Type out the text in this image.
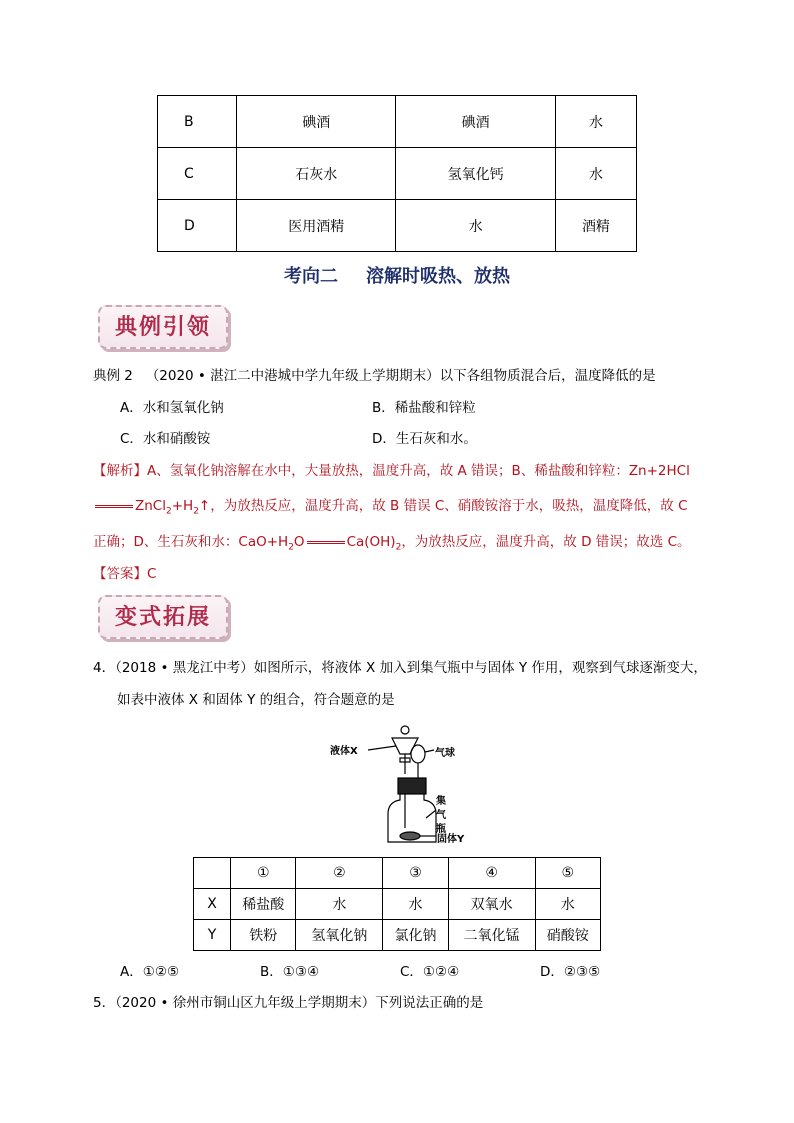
B	碘酒	碘酒	水
C	石灰水	氢氧化钙	水
D	医用酒精	水	酒精
考向二 溶解时吸热、放热
典例引领
典例 2 （2020 • 湛江二中港城中学九年级上学期期末）以下各组物质混合后，温度降低的是
A．水和氢氧化钠	B．稀盐酸和锌粒
C．水和硝酸铵	D．生石灰和水。
【解析】A、氢氧化钠溶解在水中，大量放热，温度升高，故 A 错误；B、稀盐酸和锌粒：Zn+2HCl
$ZnCl_2+H_2↑$，为放热反应，温度升高，故 B 错误 C、硝酸铵溶于水，吸热，温度降低，故 C
正确；D、生石灰和水：$CaO+H_2O$	$Ca(OH)_2$，为放热反应，温度升高，故 D 错误；故选 C。
【答案】C
变式拓展
4．（2018 • 黑龙江中考）如图所示，将液体 X 加入到集气瓶中与固体 Y 作用，观察到气球逐渐变大，
如表中液体 X 和固体 Y 的组合，符合题意的是
液体X	气球
集
气
瓶
固体Y
	①	②	③	④	⑤
X	稀盐酸	水	水	双氧水	水
Y	铁粉	氢氧化钠	氯化钠	二氧化锰	硝酸铵
A．①②⑤	B．①③④	C．①②④	D．②③⑤
5．（2020 • 徐州市铜山区九年级上学期期末）下列说法正确的是
